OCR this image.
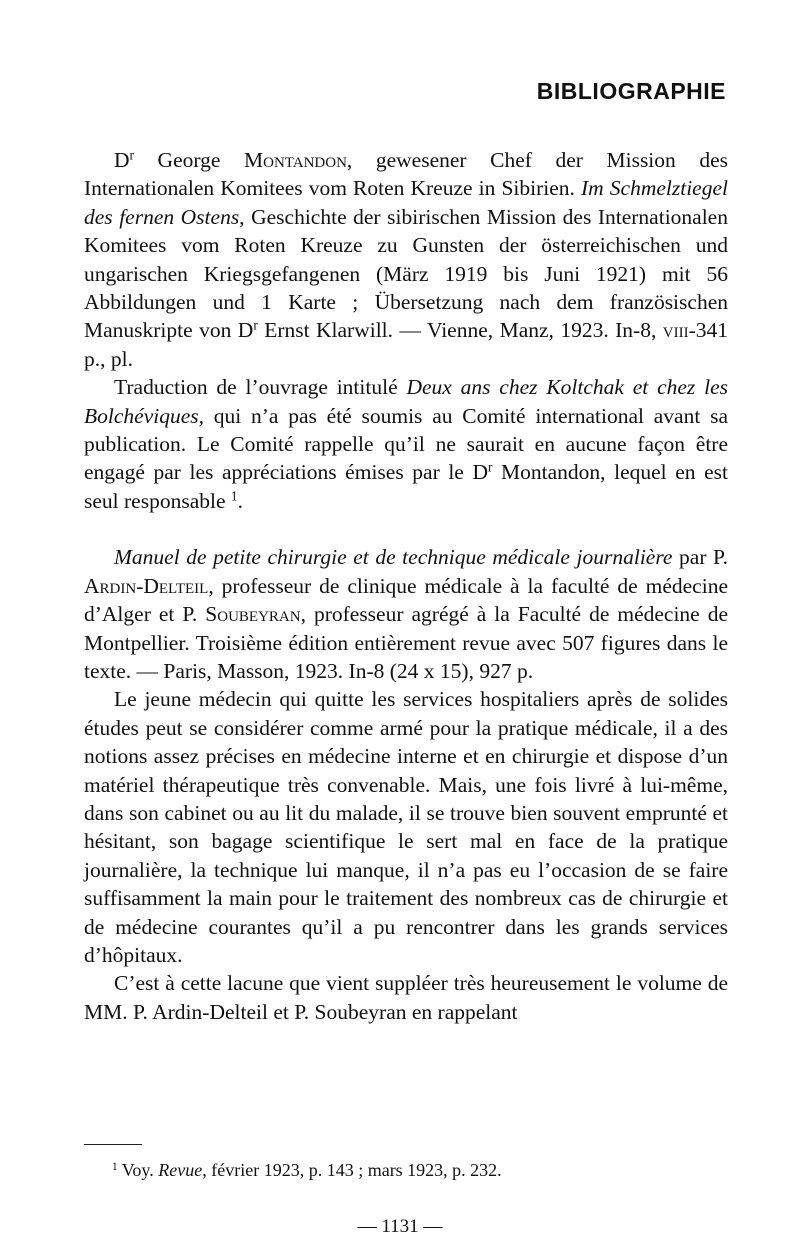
BIBLIOGRAPHIE

$D^r$ George Montandon, gewesener Chef der Mission des Internationalen Komitees vom Roten Kreuze in Sibirien. Im Schmelztiegel des fernen Ostens, Geschichte der sibirischen Mission des Internationalen Komitees vom Roten Kreuze zu Gunsten der österreichischen und ungarischen Kriegsgefangenen (März 1919 bis Juni 1921) mit 56 Abbildungen und 1 Karte ; Übersetzung nach dem französischen Manuskripte von $D^r$ Ernst Klarwill. — Vienne, Manz, 1923. In-8, viii-341 p., pl.

Traduction de l’ouvrage intitulé Deux ans chez Koltchak et chez les Bolchéviques, qui n’a pas été soumis au Comité international avant sa publication. Le Comité rappelle qu’il ne saurait en aucune façon être engagé par les appréciations émises par le $D^r$ Montandon, lequel en est seul responsable $^1$.

Manuel de petite chirurgie et de technique médicale journalière par P. Ardin-Delteil, professeur de clinique médicale à la faculté de médecine d’Alger et P. Soubeyran, professeur agrégé à la Faculté de médecine de Montpellier. Troisième édition entièrement revue avec 507 figures dans le texte. — Paris, Masson, 1923. In-8 (24 x 15), 927 p.

Le jeune médecin qui quitte les services hospitaliers après de solides études peut se considérer comme armé pour la pratique médicale, il a des notions assez précises en médecine interne et en chirurgie et dispose d’un matériel thérapeutique très convenable. Mais, une fois livré à lui-même, dans son cabinet ou au lit du malade, il se trouve bien souvent emprunté et hésitant, son bagage scientifique le sert mal en face de la pratique journalière, la technique lui manque, il n’a pas eu l’occasion de se faire suffisamment la main pour le traitement des nombreux cas de chirurgie et de médecine courantes qu’il a pu rencontrer dans les grands services d’hôpitaux.

C’est à cette lacune que vient suppléer très heureusement le volume de MM. P. Ardin-Delteil et P. Soubeyran en rappelant

$^1$ Voy. Revue, février 1923, p. 143 ; mars 1923, p. 232.
— 1131 —
